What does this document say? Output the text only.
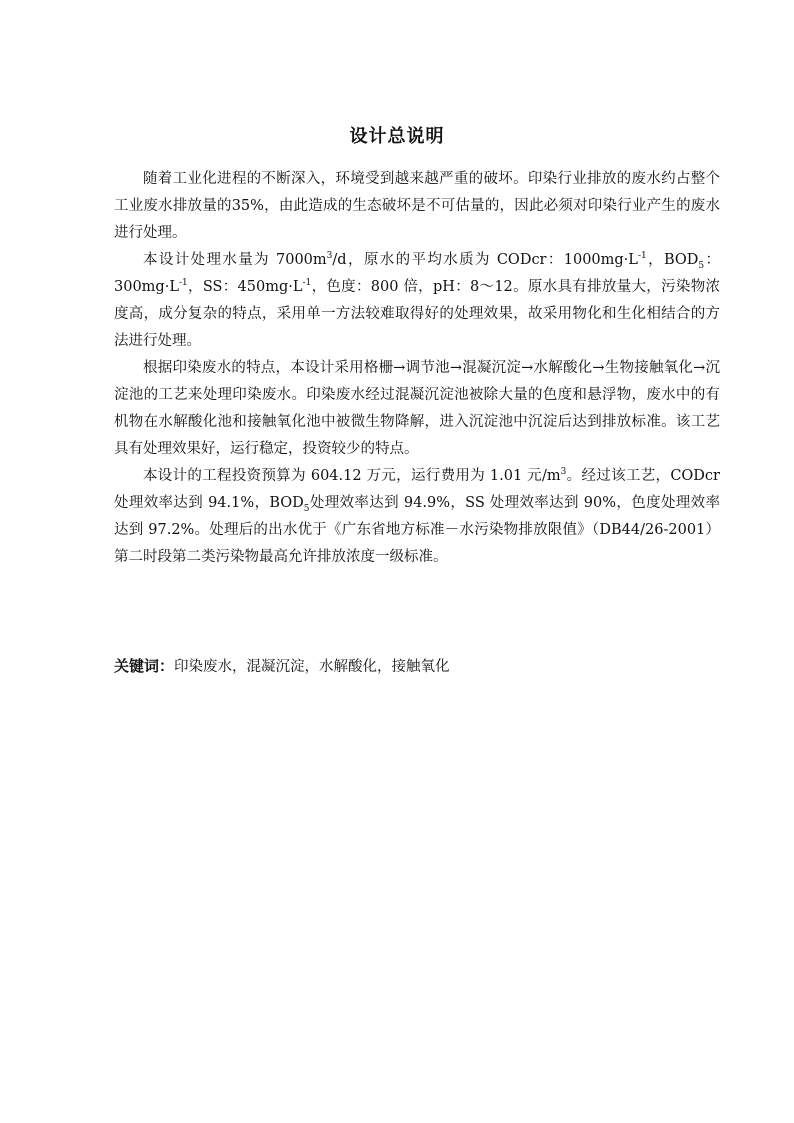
设计总说明

随着工业化进程的不断深入，环境受到越来越严重的破坏。印染行业排放的废水约占整个工业废水排放量的35%，由此造成的生态破坏是不可估量的，因此必须对印染行业产生的废水进行处理。

本设计处理水量为 $7000m^3/d$，原水的平均水质为 CODcr：$1000mg\cdot L^{-1}$，$BOD_5$：$300mg\cdot L^{-1}$，SS：$450mg\cdot L^{-1}$，色度：800 倍，pH：8～12。原水具有排放量大，污染物浓度高，成分复杂的特点，采用单一方法较难取得好的处理效果，故采用物化和生化相结合的方法进行处理。

根据印染废水的特点，本设计采用格栅→调节池→混凝沉淀→水解酸化→生物接触氧化→沉淀池的工艺来处理印染废水。印染废水经过混凝沉淀池被除大量的色度和悬浮物，废水中的有机物在水解酸化池和接触氧化池中被微生物降解，进入沉淀池中沉淀后达到排放标准。该工艺具有处理效果好，运行稳定，投资较少的特点。

本设计的工程投资预算为 604.12 万元，运行费用为 1.01 元$/m^3$。经过该工艺，CODcr 处理效率达到 94.1%，$BOD_5$处理效率达到 94.9%，SS 处理效率达到 90%，色度处理效率达到 97.2%。处理后的出水优于《广东省地方标准－水污染物排放限值》（DB44/26-2001）第二时段第二类污染物最高允许排放浓度一级标准。

关键词：印染废水，混凝沉淀，水解酸化，接触氧化
